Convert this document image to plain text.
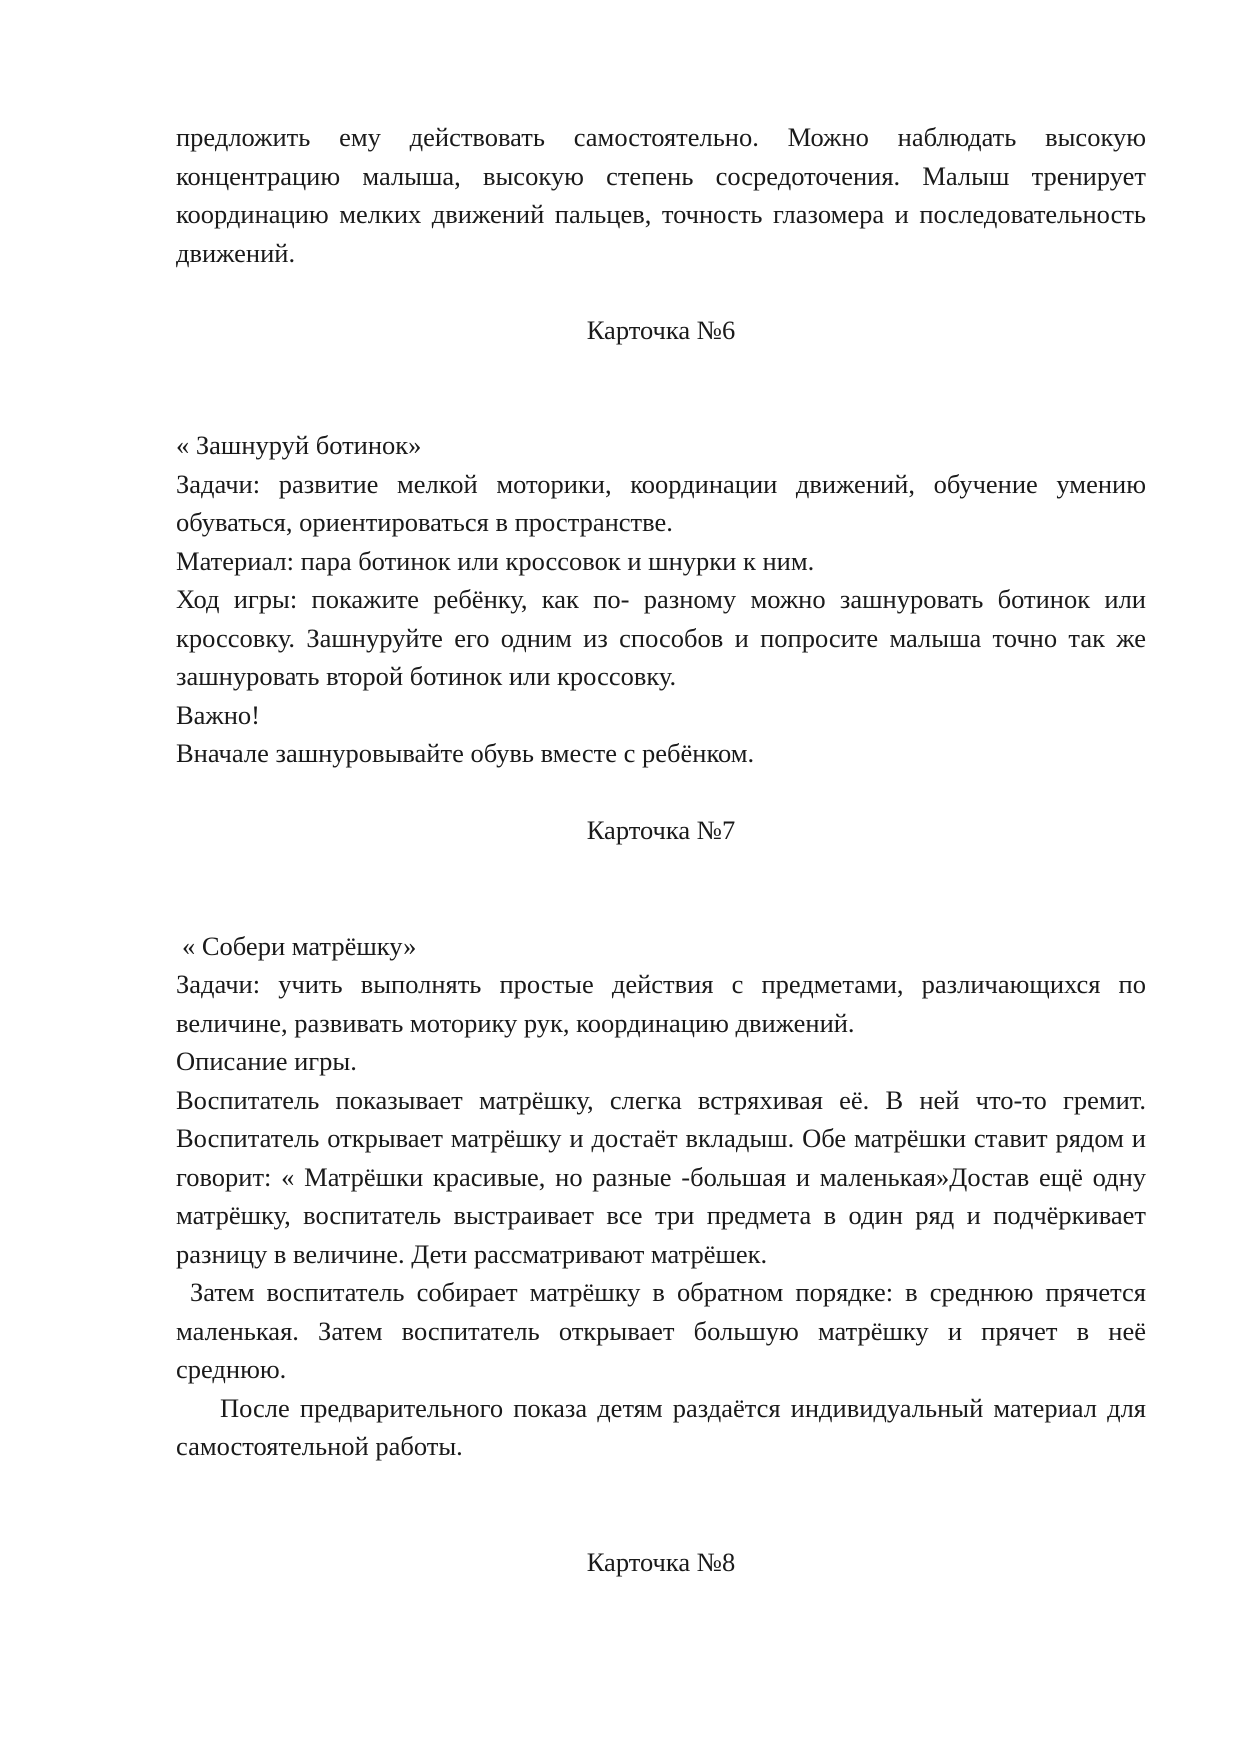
предложить ему действовать самостоятельно. Можно наблюдать высокую концентрацию малыша, высокую степень сосредоточения. Малыш тренирует координацию мелких движений пальцев, точность глазомера и последовательность движений.

Карточка №6

« Зашнуруй ботинок»

Задачи: развитие мелкой моторики, координации движений, обучение умению обуваться, ориентироваться в пространстве.

Материал: пара ботинок или кроссовок и шнурки к ним.

Ход игры: покажите ребёнку, как по- разному можно зашнуровать ботинок или кроссовку. Зашнуруйте его одним из способов и попросите малыша точно так же зашнуровать второй ботинок или кроссовку.

Важно!

Вначале зашнуровывайте обувь вместе с ребёнком.

Карточка №7

« Собери матрёшку»

Задачи: учить выполнять простые действия с предметами, различающихся по величине, развивать моторику рук, координацию движений.

Описание игры.

Воспитатель показывает матрёшку, слегка встряхивая её. В ней что-то гремит. Воспитатель открывает матрёшку и достаёт вкладыш. Обе матрёшки ставит рядом и говорит: « Матрёшки красивые, но разные -большая и маленькая»Достав ещё одну матрёшку, воспитатель выстраивает все три предмета в один ряд и подчёркивает разницу в величине. Дети рассматривают матрёшек.

Затем воспитатель собирает матрёшку в обратном порядке: в среднюю прячется маленькая. Затем воспитатель открывает большую матрёшку и прячет в неё среднюю.

После предварительного показа детям раздаётся индивидуальный материал для самостоятельной работы.

Карточка №8
